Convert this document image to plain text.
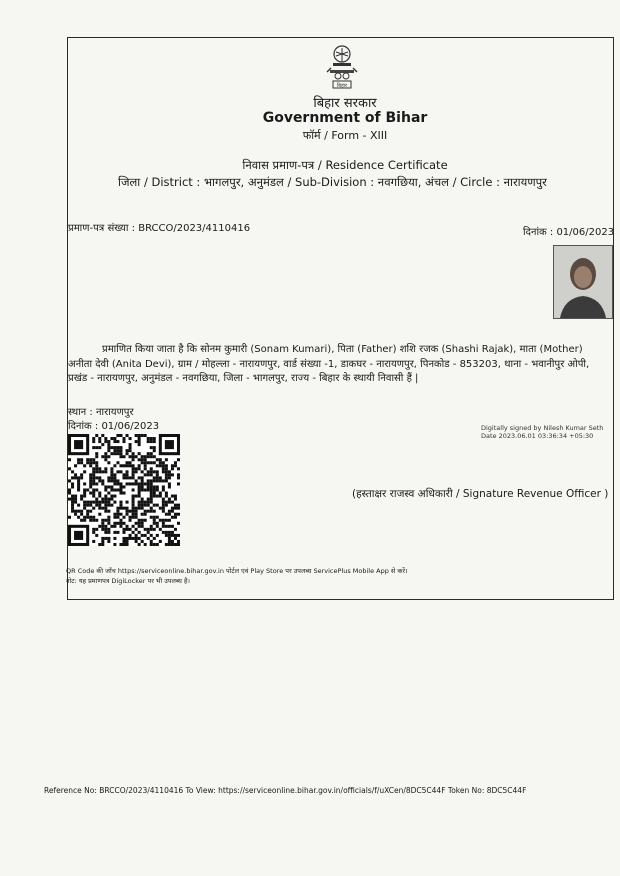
बिहार
बिहार सरकार
Government of Bihar
फॉर्म / Form - XIII
निवास प्रमाण-पत्र / Residence Certificate
जिला / District : भागलपुर, अनुमंडल / Sub-Division : नवगछिया, अंचल / Circle : नारायणपुर
प्रमाण-पत्र संख्या : BRCCO/2023/4110416	दिनांक : 01/06/2023
प्रमाणित किया जाता है कि सोनम कुमारी (Sonam Kumari), पिता (Father) शशि रजक (Shashi Rajak), माता (Mother)
अनीता देवी (Anita Devi), ग्राम / मोहल्ला - नारायणपुर, वार्ड संख्या -1, डाकघर - नारायणपुर, पिनकोड - 853203, थाना - भवानीपुर ओपी,
प्रखंड - नारायणपुर, अनुमंडल - नवगछिया, जिला - भागलपुर, राज्य - बिहार के स्थायी निवासी हैं |
स्थान : नारायणपुर
दिनांक : 01/06/2023	Digitally signed by Nilesh Kumar Seth
Date 2023.06.01 03:36:34 +05:30
(हस्ताक्षर राजस्व अधिकारी / Signature Revenue Officer )
QR Code की जाँच https://serviceonline.bihar.gov.in पोर्टल एवं Play Store पर उपलब्ध ServicePlus Mobile App से करें।
नोट: यह प्रमाणपत्र DigiLocker पर भी उपलब्ध है।
Reference No: BRCCO/2023/4110416 To View: https://serviceonline.bihar.gov.in/officials/f/uXCen/8DC5C44F Token No: 8DC5C44F
